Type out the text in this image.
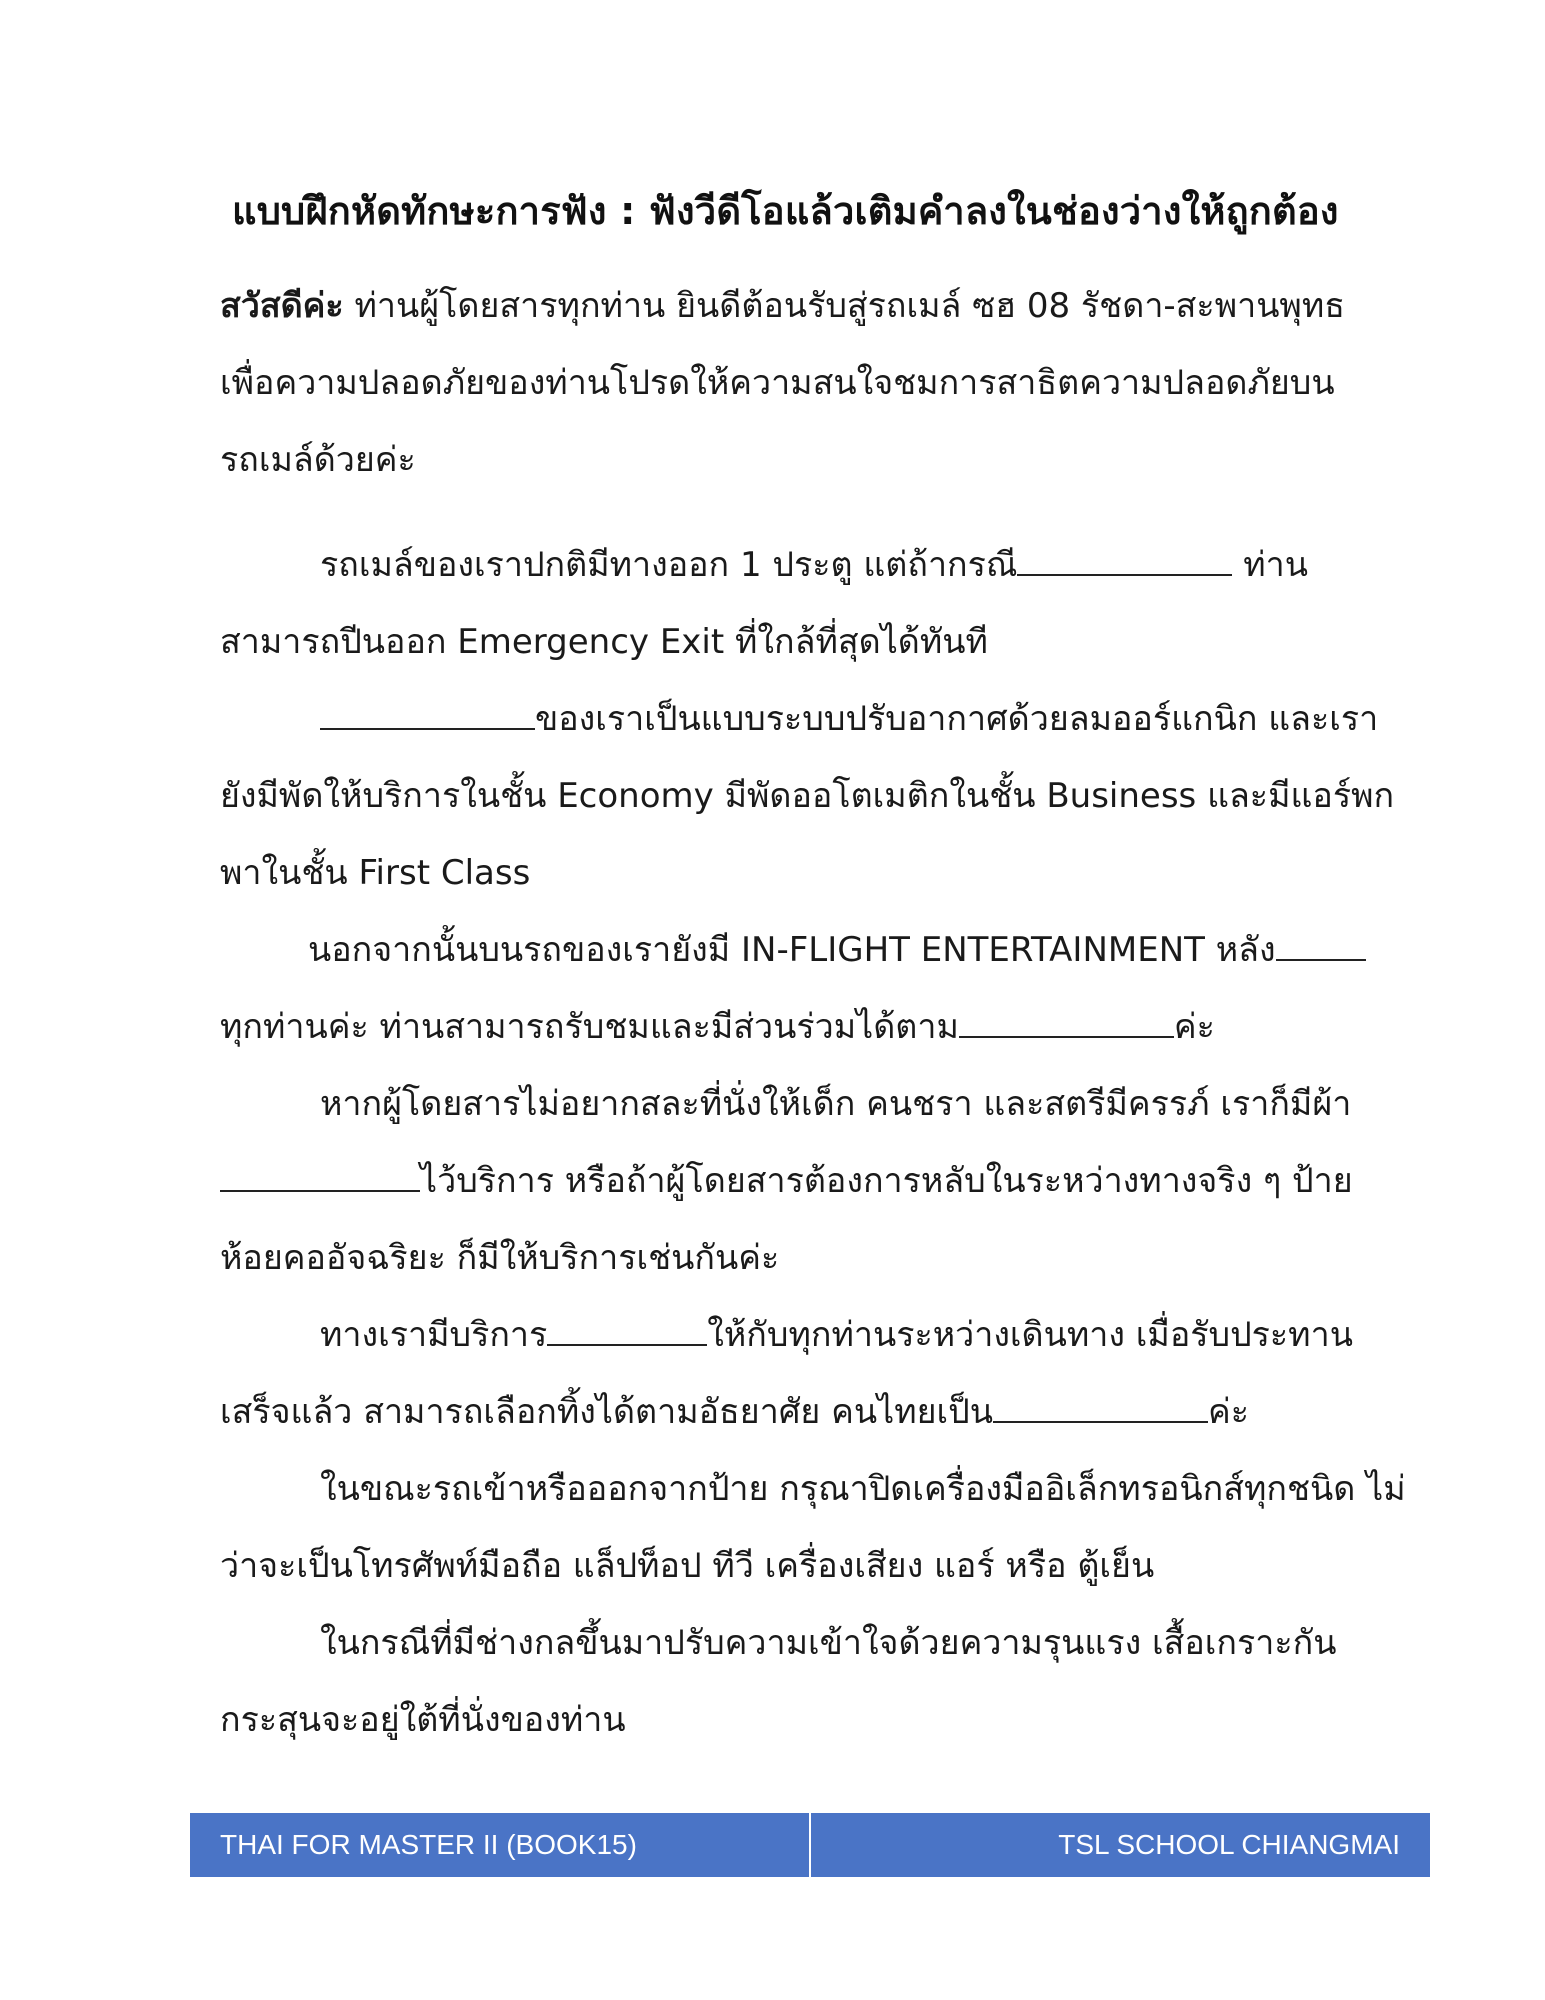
แบบฝึกหัดทักษะการฟัง : ฟังวีดีโอแล้วเติมคำลงในช่องว่างให้ถูกต้อง

สวัสดีค่ะ ท่านผู้โดยสารทุกท่าน ยินดีต้อนรับสู่รถเมล์ ซฮ 08 รัชดา-สะพานพุทธ เพื่อความปลอดภัยของท่านโปรดให้ความสนใจชมการสาธิตความปลอดภัยบนรถเมล์ด้วยค่ะ

รถเมล์ของเราปกติมีทางออก 1 ประตู แต่ถ้ากรณี	ท่านสามารถปีนออก Emergency Exit ที่ใกล้ที่สุดได้ทันที

ของเราเป็นแบบระบบปรับอากาศด้วยลมออร์แกนิก และเรายังมีพัดให้บริการในชั้น Economy มีพัดออโตเมติกในชั้น Business และมีแอร์พกพาในชั้น First Class

นอกจากนั้นบนรถของเรายังมี IN-FLIGHT ENTERTAINMENT หลัง ทุกท่านค่ะ ท่านสามารถรับชมและมีส่วนร่วมได้ตาม	ค่ะ

หากผู้โดยสารไม่อยากสละที่นั่งให้เด็ก คนชรา และสตรีมีครรภ์ เราก็มีผ้าไว้บริการ หรือถ้าผู้โดยสารต้องการหลับในระหว่างทางจริง ๆ ป้ายห้อยคออัจฉริยะ ก็มีให้บริการเช่นกันค่ะ

ทางเรามีบริการ	ให้กับทุกท่านระหว่างเดินทาง เมื่อรับประทานเสร็จแล้ว สามารถเลือกทิ้งได้ตามอัธยาศัย คนไทยเป็น	ค่ะ

ในขณะรถเข้าหรือออกจากป้าย กรุณาปิดเครื่องมืออิเล็กทรอนิกส์ทุกชนิด ไม่ว่าจะเป็นโทรศัพท์มือถือ แล็ปท็อป ทีวี เครื่องเสียง แอร์ หรือ ตู้เย็น

ในกรณีที่มีช่างกลขึ้นมาปรับความเข้าใจด้วยความรุนแรง เสื้อเกราะกันกระสุนจะอยู่ใต้ที่นั่งของท่าน

THAI FOR MASTER II (BOOK15)	TSL SCHOOL CHIANGMAI
